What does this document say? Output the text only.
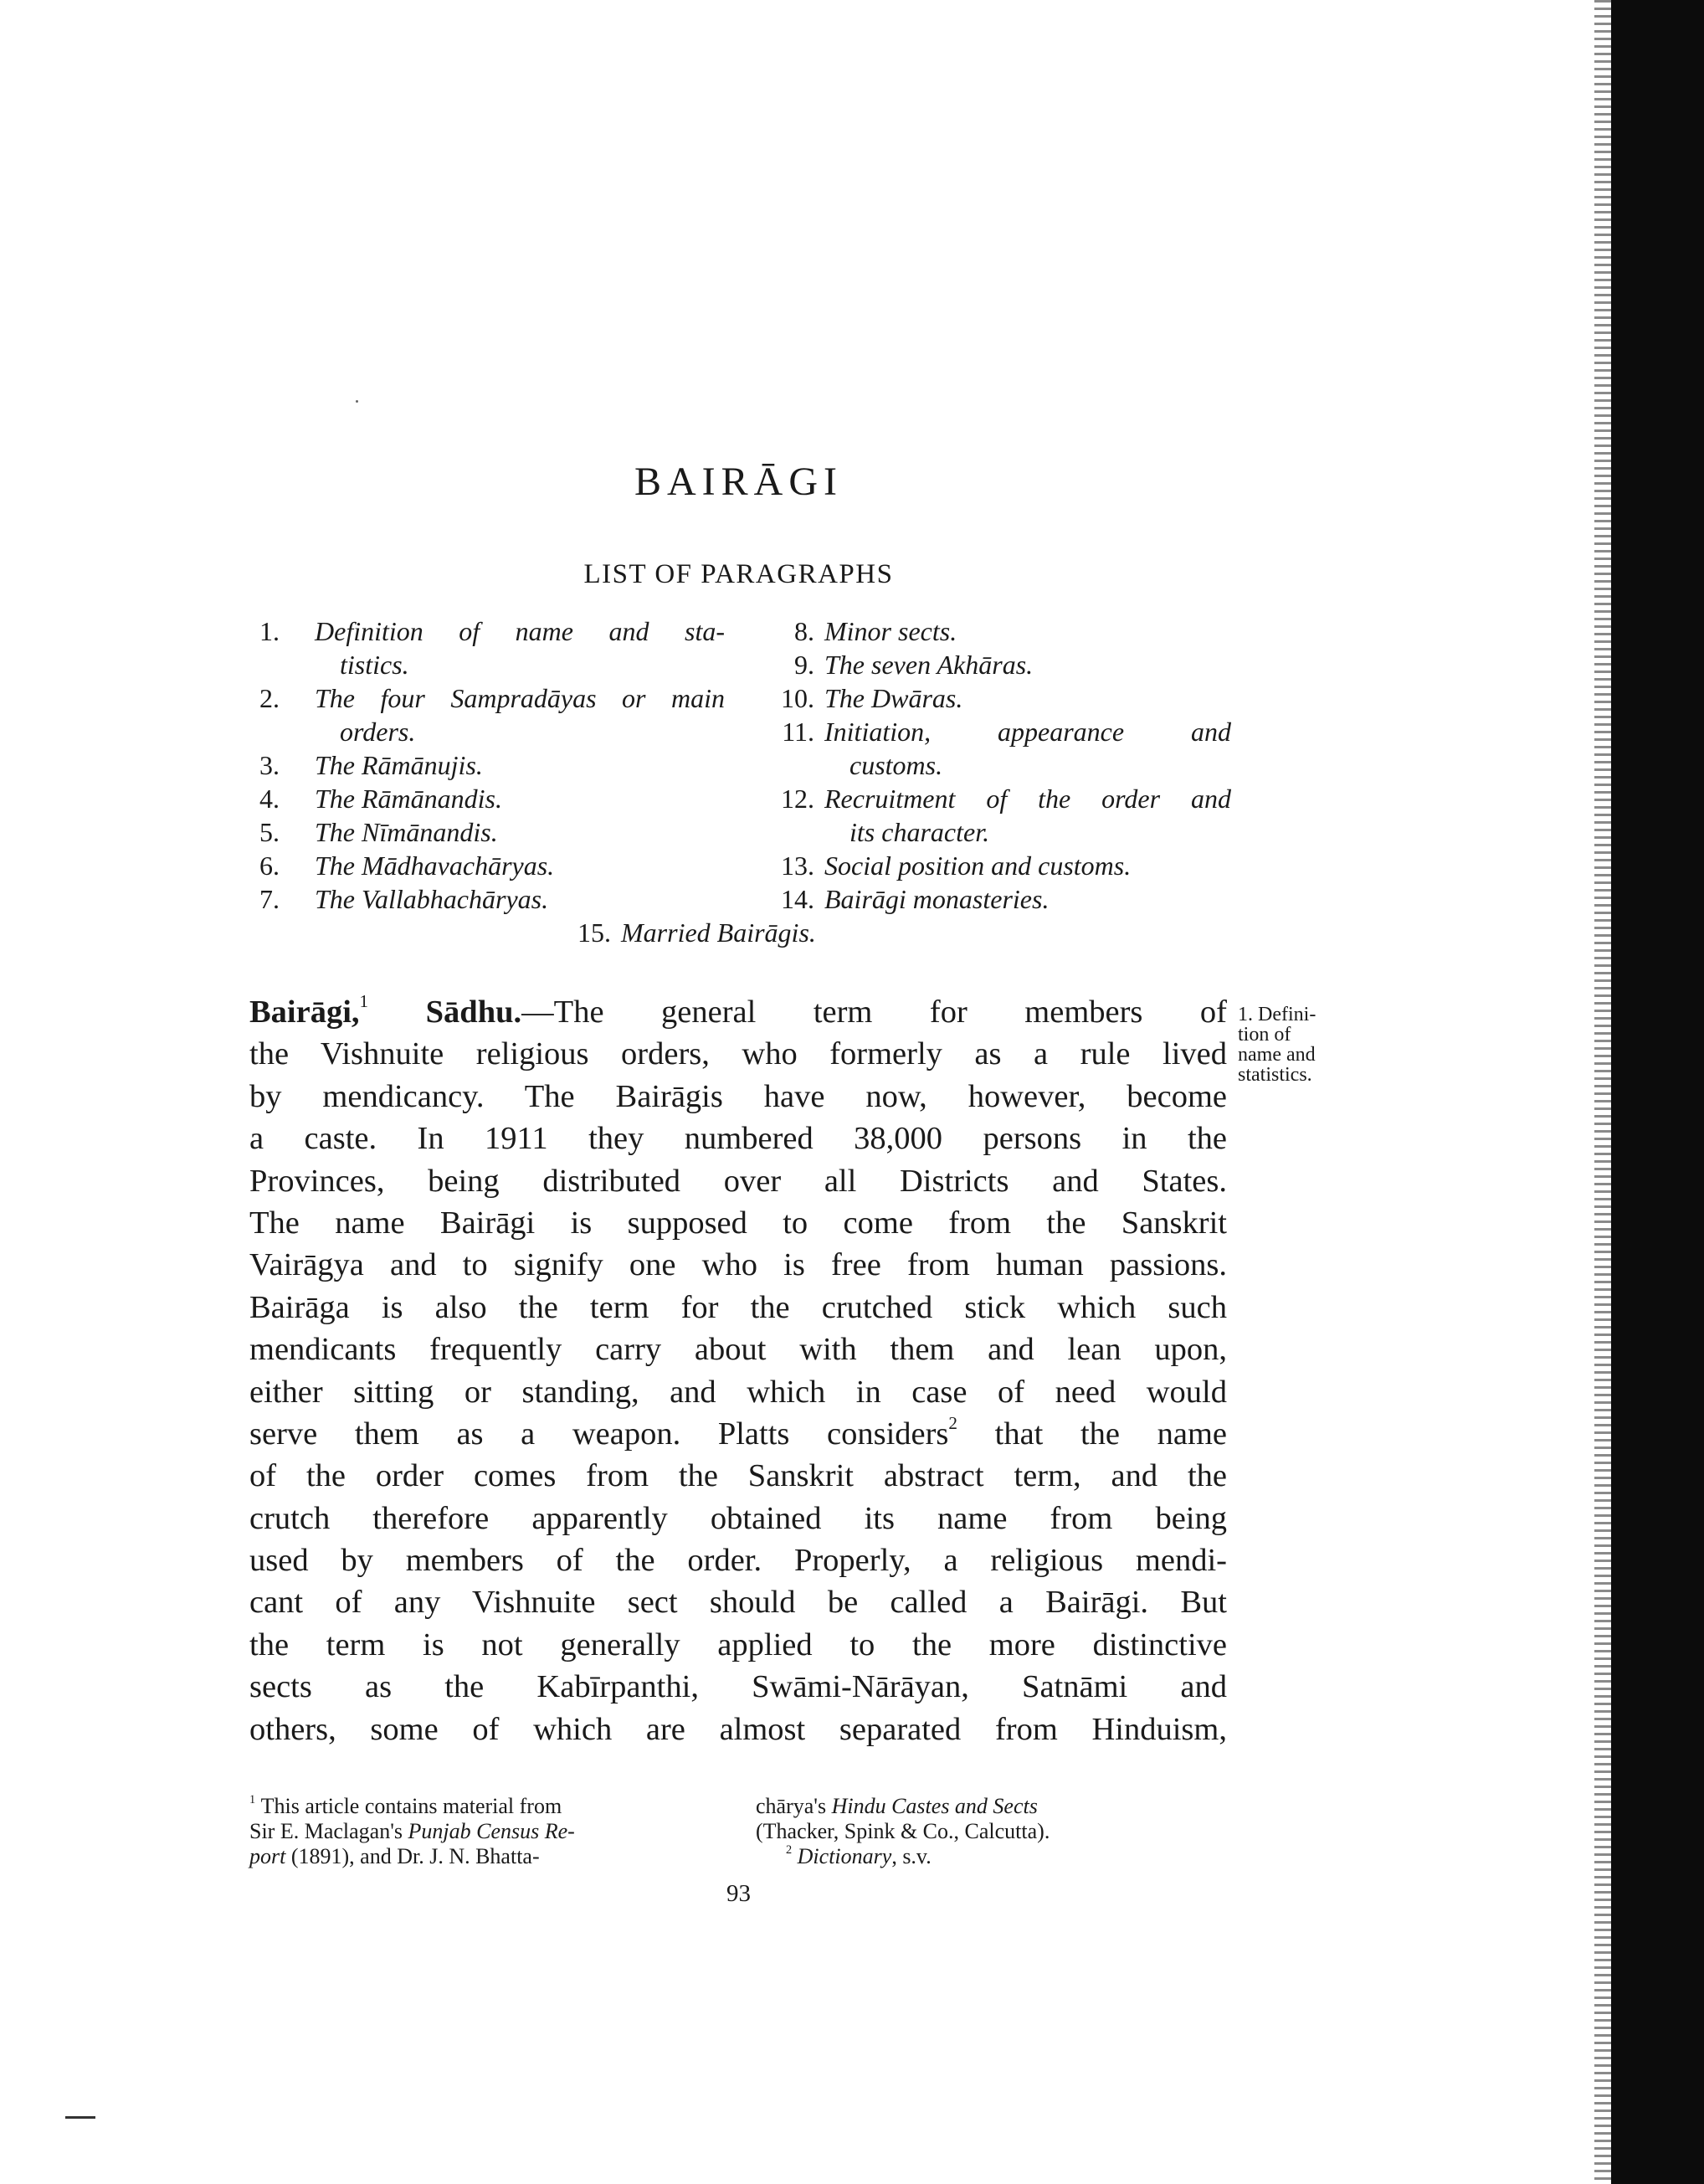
BAIRĀGI
LIST OF PARAGRAPHS
1.	Definition of name and sta-
tistics.
2.	The four Sampradāyas or main
orders.
3.	The Rāmānujis.
4.	The Rāmānandis.
5.	The Nīmānandis.
6.	The Mādhavachāryas.
7.	The Vallabhachāryas.
8. Minor sects.
9. The seven Akhāras.
10. The Dwāras.
11. Initiation, appearance and
customs.
12. Recruitment of the order and
its character.
13. Social position and customs.
14. Bairāgi monasteries.
15. Married Bairāgis.
Bairāgi,$^1$ Sādhu.—The general term for members of
the Vishnuite religious orders, who formerly as a rule lived
by mendicancy. The Bairāgis have now, however, become
a caste. In 1911 they numbered 38,000 persons in the
Provinces, being distributed over all Districts and States.
The name Bairāgi is supposed to come from the Sanskrit
Vairāgya and to signify one who is free from human passions.
Bairāga is also the term for the crutched stick which such
mendicants frequently carry about with them and lean upon,
either sitting or standing, and which in case of need would
serve them as a weapon. Platts considers$^2$ that the name
of the order comes from the Sanskrit abstract term, and the
crutch therefore apparently obtained its name from being
used by members of the order. Properly, a religious mendi-
cant of any Vishnuite sect should be called a Bairāgi. But
the term is not generally applied to the more distinctive
sects as the Kabīrpanthi, Swāmi-Nārāyan, Satnāmi and
others, some of which are almost separated from Hinduism,
1. Defini-
tion of
name and
statistics.
$^1$ This article contains material from
Sir E. Maclagan's Punjab Census Re-
port (1891), and Dr. J. N. Bhatta-
chārya's Hindu Castes and Sects
(Thacker, Spink & Co., Calcutta).
$^2$ Dictionary, s.v.
93
